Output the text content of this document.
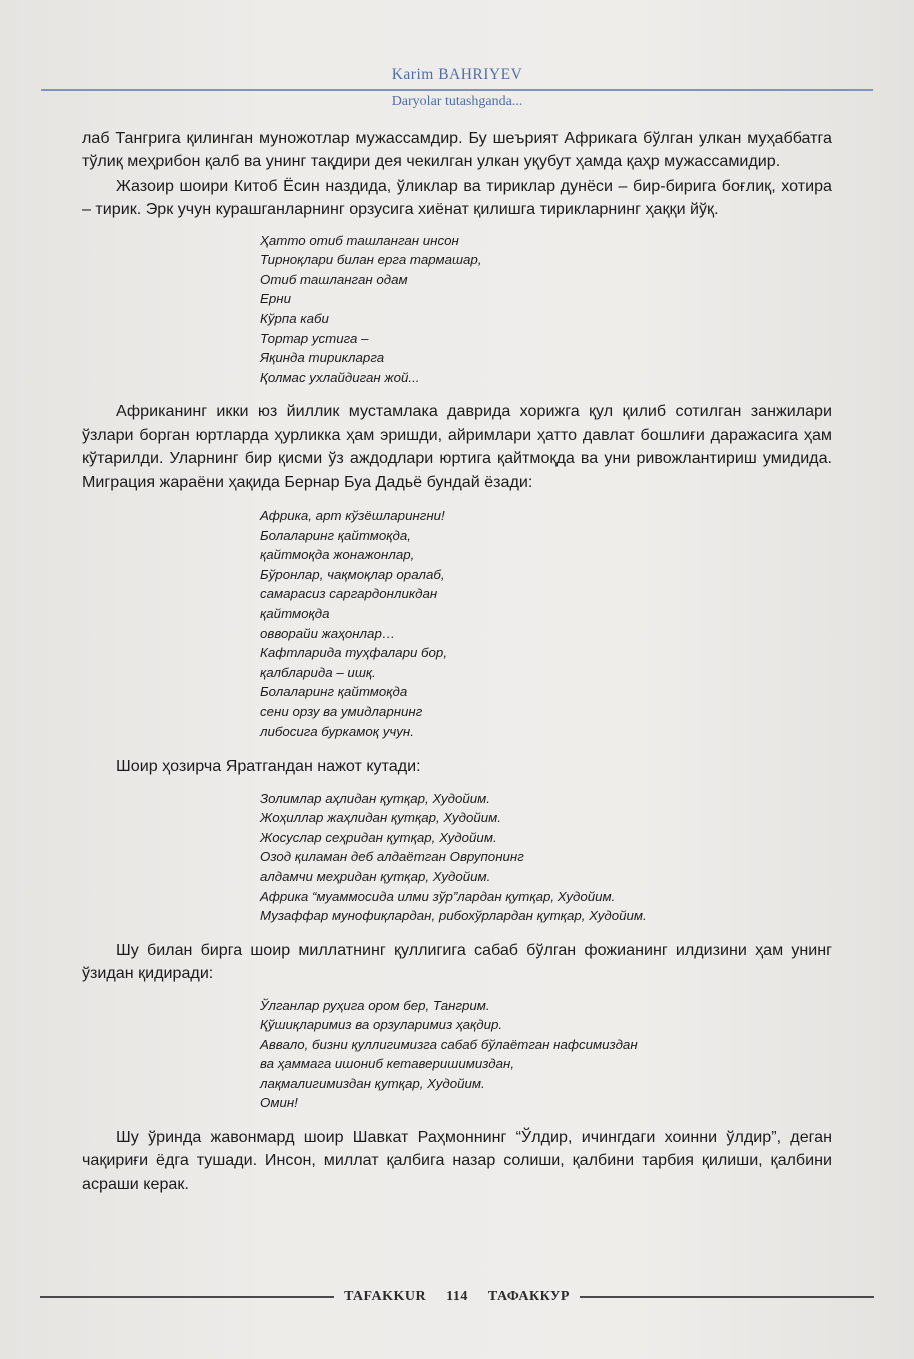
Karim BAHRIYEV
Daryolar tutashganda...

лаб Тангрига қилинган муножотлар мужассамдир. Бу шеърият Африкага бўлган улкан муҳаббатга тўлиқ меҳрибон қалб ва унинг тақдири дея чекилган улкан уқубут ҳамда қаҳр мужассамидир.

Жазоир шоири Китоб Ёсин наздида, ўликлар ва тириклар дунёси – бир-бирига боғлиқ, хотира – тирик. Эрк учун курашганларнинг орзусига хиёнат қилишга тирикларнинг ҳаққи йўқ.

Ҳатто отиб ташланган инсон
Тирноқлари билан ерга тармашар,
Отиб ташланган одам
Ерни
Кўрпа каби
Тортар устига –
Яқинда тирикларга
Қолмас ухлайдиган жой...

Африканинг икки юз йиллик мустамлака даврида хорижга қул қилиб сотилган занжилари ўзлари борган юртларда ҳурликка ҳам эришди, айримлари ҳатто давлат бошлиғи даражасига ҳам кўтарилди. Уларнинг бир қисми ўз аждодлари юртига қайтмоқда ва уни ривожлантириш умидида. Миграция жараёни ҳақида Бернар Буа Дадьё бундай ёзади:

Африка, арт кўзёшларингни!
Болаларинг қайтмоқда,
қайтмоқда жонажонлар,
Бўронлар, чақмоқлар оралаб,
самарасиз саргардонликдан
қайтмоқда
овворайи жаҳонлар…
Кафтларида туҳфалари бор,
қалбларида – ишқ.
Болаларинг қайтмоқда
сени орзу ва умидларнинг
либосига буркамоқ учун.

Шоир ҳозирча Яратгандан нажот кутади:

Золимлар аҳлидан қутқар, Худойим.
Жоҳиллар жаҳлидан қутқар, Худойим.
Жосуслар сеҳридан қутқар, Худойим.
Озод қиламан деб алдаётган Оврупонинг
алдамчи меҳридан қутқар, Худойим.
Африка “муаммосида илми зўр”лардан қутқар, Худойим.
Музаффар мунофиқлардан, рибохўрлардан қутқар, Худойим.

Шу билан бирга шоир миллатнинг қуллигига сабаб бўлган фожианинг илдизини ҳам унинг ўзидан қидиради:

Ўлганлар руҳига ором бер, Тангрим.
Қўшиқларимиз ва орзуларимиз ҳақдир.
Аввало, бизни қуллигимизга сабаб бўлаётган нафсимиздан
ва ҳаммага ишониб кетаверишимиздан,
лақмалигимиздан қутқар, Худойим.
Омин!

Шу ўринда жавонмард шоир Шавкат Раҳмоннинг “Ўлдир, ичингдаги хоинни ўлдир”, деган чақириғи ёдга тушади. Инсон, миллат қалбига назар солиши, қалбини тарбия қилиши, қалбини асраши керак.

TAFAKKUR	114	ТАФАККУР
